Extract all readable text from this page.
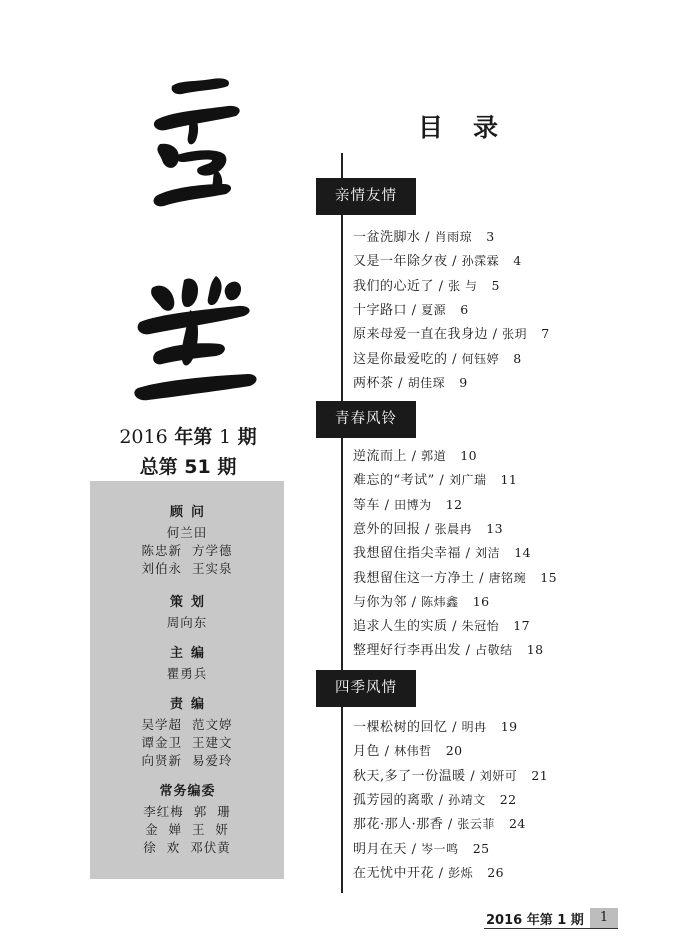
2016 年第 1 期
总第 51 期
顾问
何兰田
陈忠新  方学德
刘伯永  王实泉
策划
周向东
主编
瞿勇兵
责编
吴学超  范文婷
谭金卫  王建文
向贤新  易爱玲
常务编委
李红梅  郭  珊
金  婵  王  妍
徐  欢  邓伏黄
目录
亲情友情
一盆洗脚水 / 肖雨琼 3
又是一年除夕夜 / 孙霂霖 4
我们的心近了 / 张 与 5
十字路口 / 夏源 6
原来母爱一直在我身边 / 张玥 7
这是你最爱吃的 / 何钰婷 8
两杯茶 / 胡佳琛 9
青春风铃
逆流而上 / 郭道 10
难忘的“考试” / 刘广瑞 11
等车 / 田博为 12
意外的回报 / 张晨冉 13
我想留住指尖幸福 / 刘洁 14
我想留住这一方净土 / 唐铭琬 15
与你为邻 / 陈炜鑫 16
追求人生的实质 / 朱冠怡 17
整理好行李再出发 / 占敬结 18
四季风情
一棵松树的回忆 / 明冉 19
月色 / 林伟哲 20
秋天,多了一份温暖 / 刘妍可 21
孤芳园的离歌 / 孙靖文 22
那花·那人·那香 / 张云菲 24
明月在天 / 岑一鸣 25
在无忧中开花 / 彭烁 26
2016 年第 1 期	1
